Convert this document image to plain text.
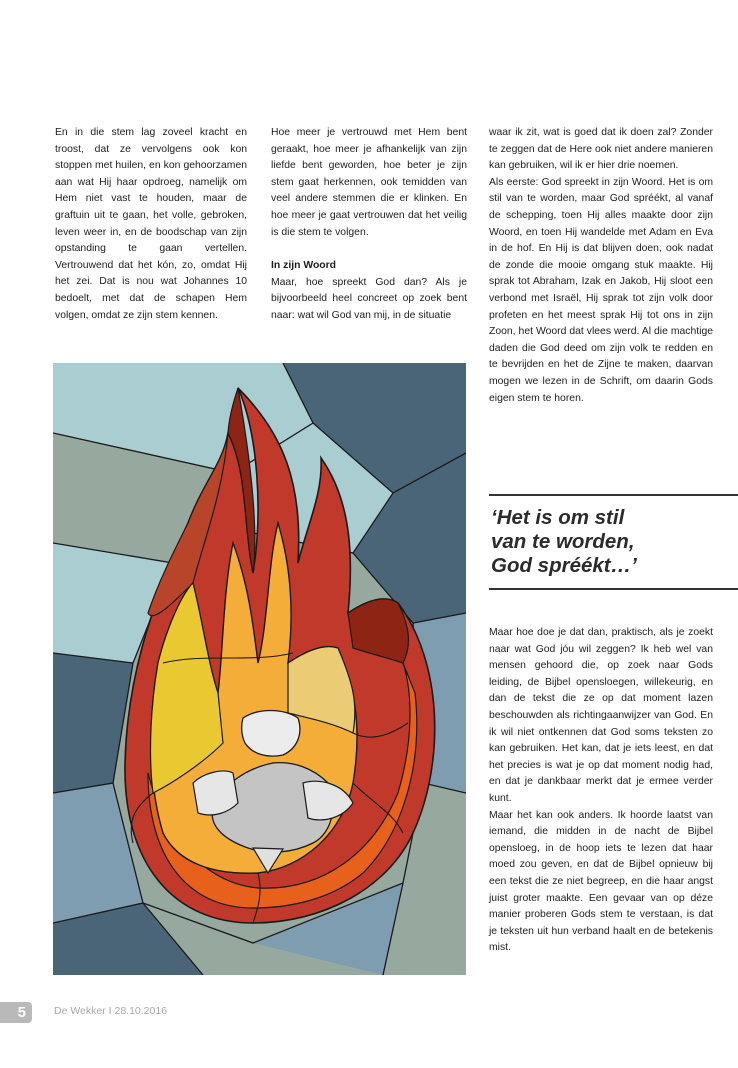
En in die stem lag zoveel kracht en troost, dat ze vervolgens ook kon stoppen met huilen, en kon gehoorzamen aan wat Hij haar opdroeg, namelijk om Hem niet vast te houden, maar de graftuin uit te gaan, het volle, gebroken, leven weer in, en de boodschap van zijn opstanding te gaan vertellen. Vertrouwend dat het kón, zo, omdat Hij het zei. Dat is nou wat Johannes 10 bedoelt, met dat de schapen Hem volgen, omdat ze zijn stem kennen.

Hoe meer je vertrouwd met Hem bent geraakt, hoe meer je afhankelijk van zijn liefde bent geworden, hoe beter je zijn stem gaat herkennen, ook temidden van veel andere stemmen die er klinken. En hoe meer je gaat vertrouwen dat het veilig is die stem te volgen.

In zijn Woord

Maar, hoe spreekt God dan? Als je bijvoorbeeld heel concreet op zoek bent naar: wat wil God van mij, in de situatie

waar ik zit, wat is goed dat ik doen zal? Zonder te zeggen dat de Here ook niet andere manieren kan gebruiken, wil ik er hier drie noemen.

Als eerste: God spreekt in zijn Woord. Het is om stil van te worden, maar God spréékt, al vanaf de schepping, toen Hij alles maakte door zijn Woord, en toen Hij wandelde met Adam en Eva in de hof. En Hij is dat blijven doen, ook nadat de zonde die mooie omgang stuk maakte. Hij sprak tot Abraham, Izak en Jakob, Hij sloot een verbond met Israël, Hij sprak tot zijn volk door profeten en het meest sprak Hij tot ons in zijn Zoon, het Woord dat vlees werd. Al die machtige daden die God deed om zijn volk te redden en te bevrijden en het de Zijne te maken, daarvan mogen we lezen in de Schrift, om daarin Gods eigen stem te horen.

‘Het is om stil
van te worden,
God spréékt…’

Maar hoe doe je dat dan, praktisch, als je zoekt naar wat God jóu wil zeggen? Ik heb wel van mensen gehoord die, op zoek naar Gods leiding, de Bijbel opensloegen, willekeurig, en dan de tekst die ze op dat moment lazen beschouwden als richtingaanwijzer van God. En ik wil niet ontkennen dat God soms teksten zo kan gebruiken. Het kan, dat je iets leest, en dat het precies is wat je op dat moment nodig had, en dat je dankbaar merkt dat je ermee verder kunt.

Maar het kan ook anders. Ik hoorde laatst van iemand, die midden in de nacht de Bijbel opensloeg, in de hoop iets te lezen dat haar moed zou geven, en dat de Bijbel opnieuw bij een tekst die ze niet begreep, en die haar angst juist groter maakte. Een gevaar van op déze manier proberen Gods stem te verstaan, is dat je teksten uit hun verband haalt en de betekenis mist.

5	De Wekker I 28.10.2016
